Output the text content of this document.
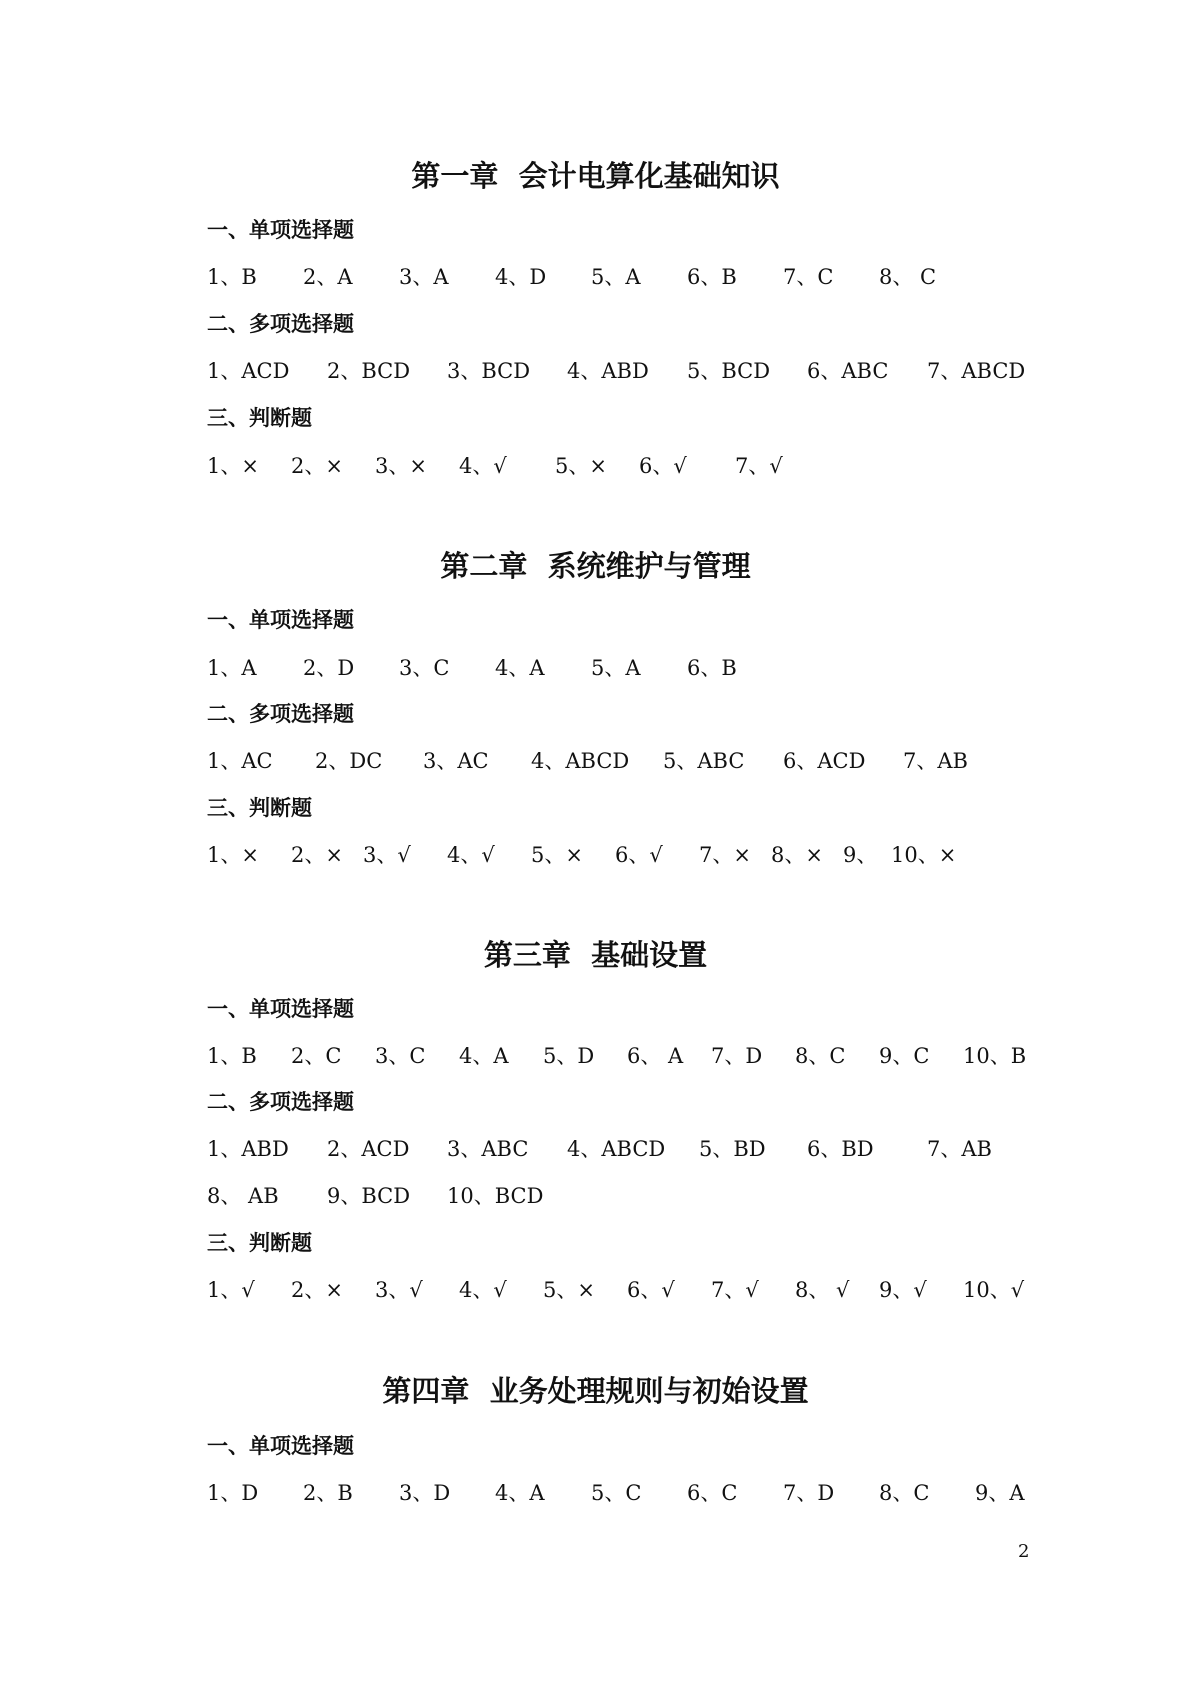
第一章  会计电算化基础知识
一、单项选择题
1、B 2、A 3、A 4、D 5、A 6、B 7、C 8、 C
二、多项选择题
1、ACD 2、BCD 3、BCD 4、ABD 5、BCD 6、ABC 7、ABCD
三、判断题
1、× 2、× 3、× 4、√ 5、× 6、√ 7、√
第二章  系统维护与管理
一、单项选择题
1、A 2、D 3、C 4、A 5、A 6、B
二、多项选择题
1、AC 2、DC 3、AC 4、ABCD 5、ABC 6、ACD 7、AB
三、判断题
1、× 2、× 3、√ 4、√ 5、× 6、√ 7、× 8、× 9、 10、×
第三章  基础设置
一、单项选择题
1、B 2、C 3、C 4、A 5、D 6、 A 7、D 8、C 9、C 10、B
二、多项选择题
1、ABD 2、ACD 3、ABC 4、ABCD 5、BD 6、BD	7、AB
8、 AB 9、BCD 10、BCD
三、判断题
1、√ 2、× 3、√ 4、√ 5、× 6、√ 7、√ 8、 √ 9、√ 10、√
第四章  业务处理规则与初始设置
一、单项选择题
1、D 2、B 3、D 4、A 5、C 6、C 7、D 8、C 9、A
2
